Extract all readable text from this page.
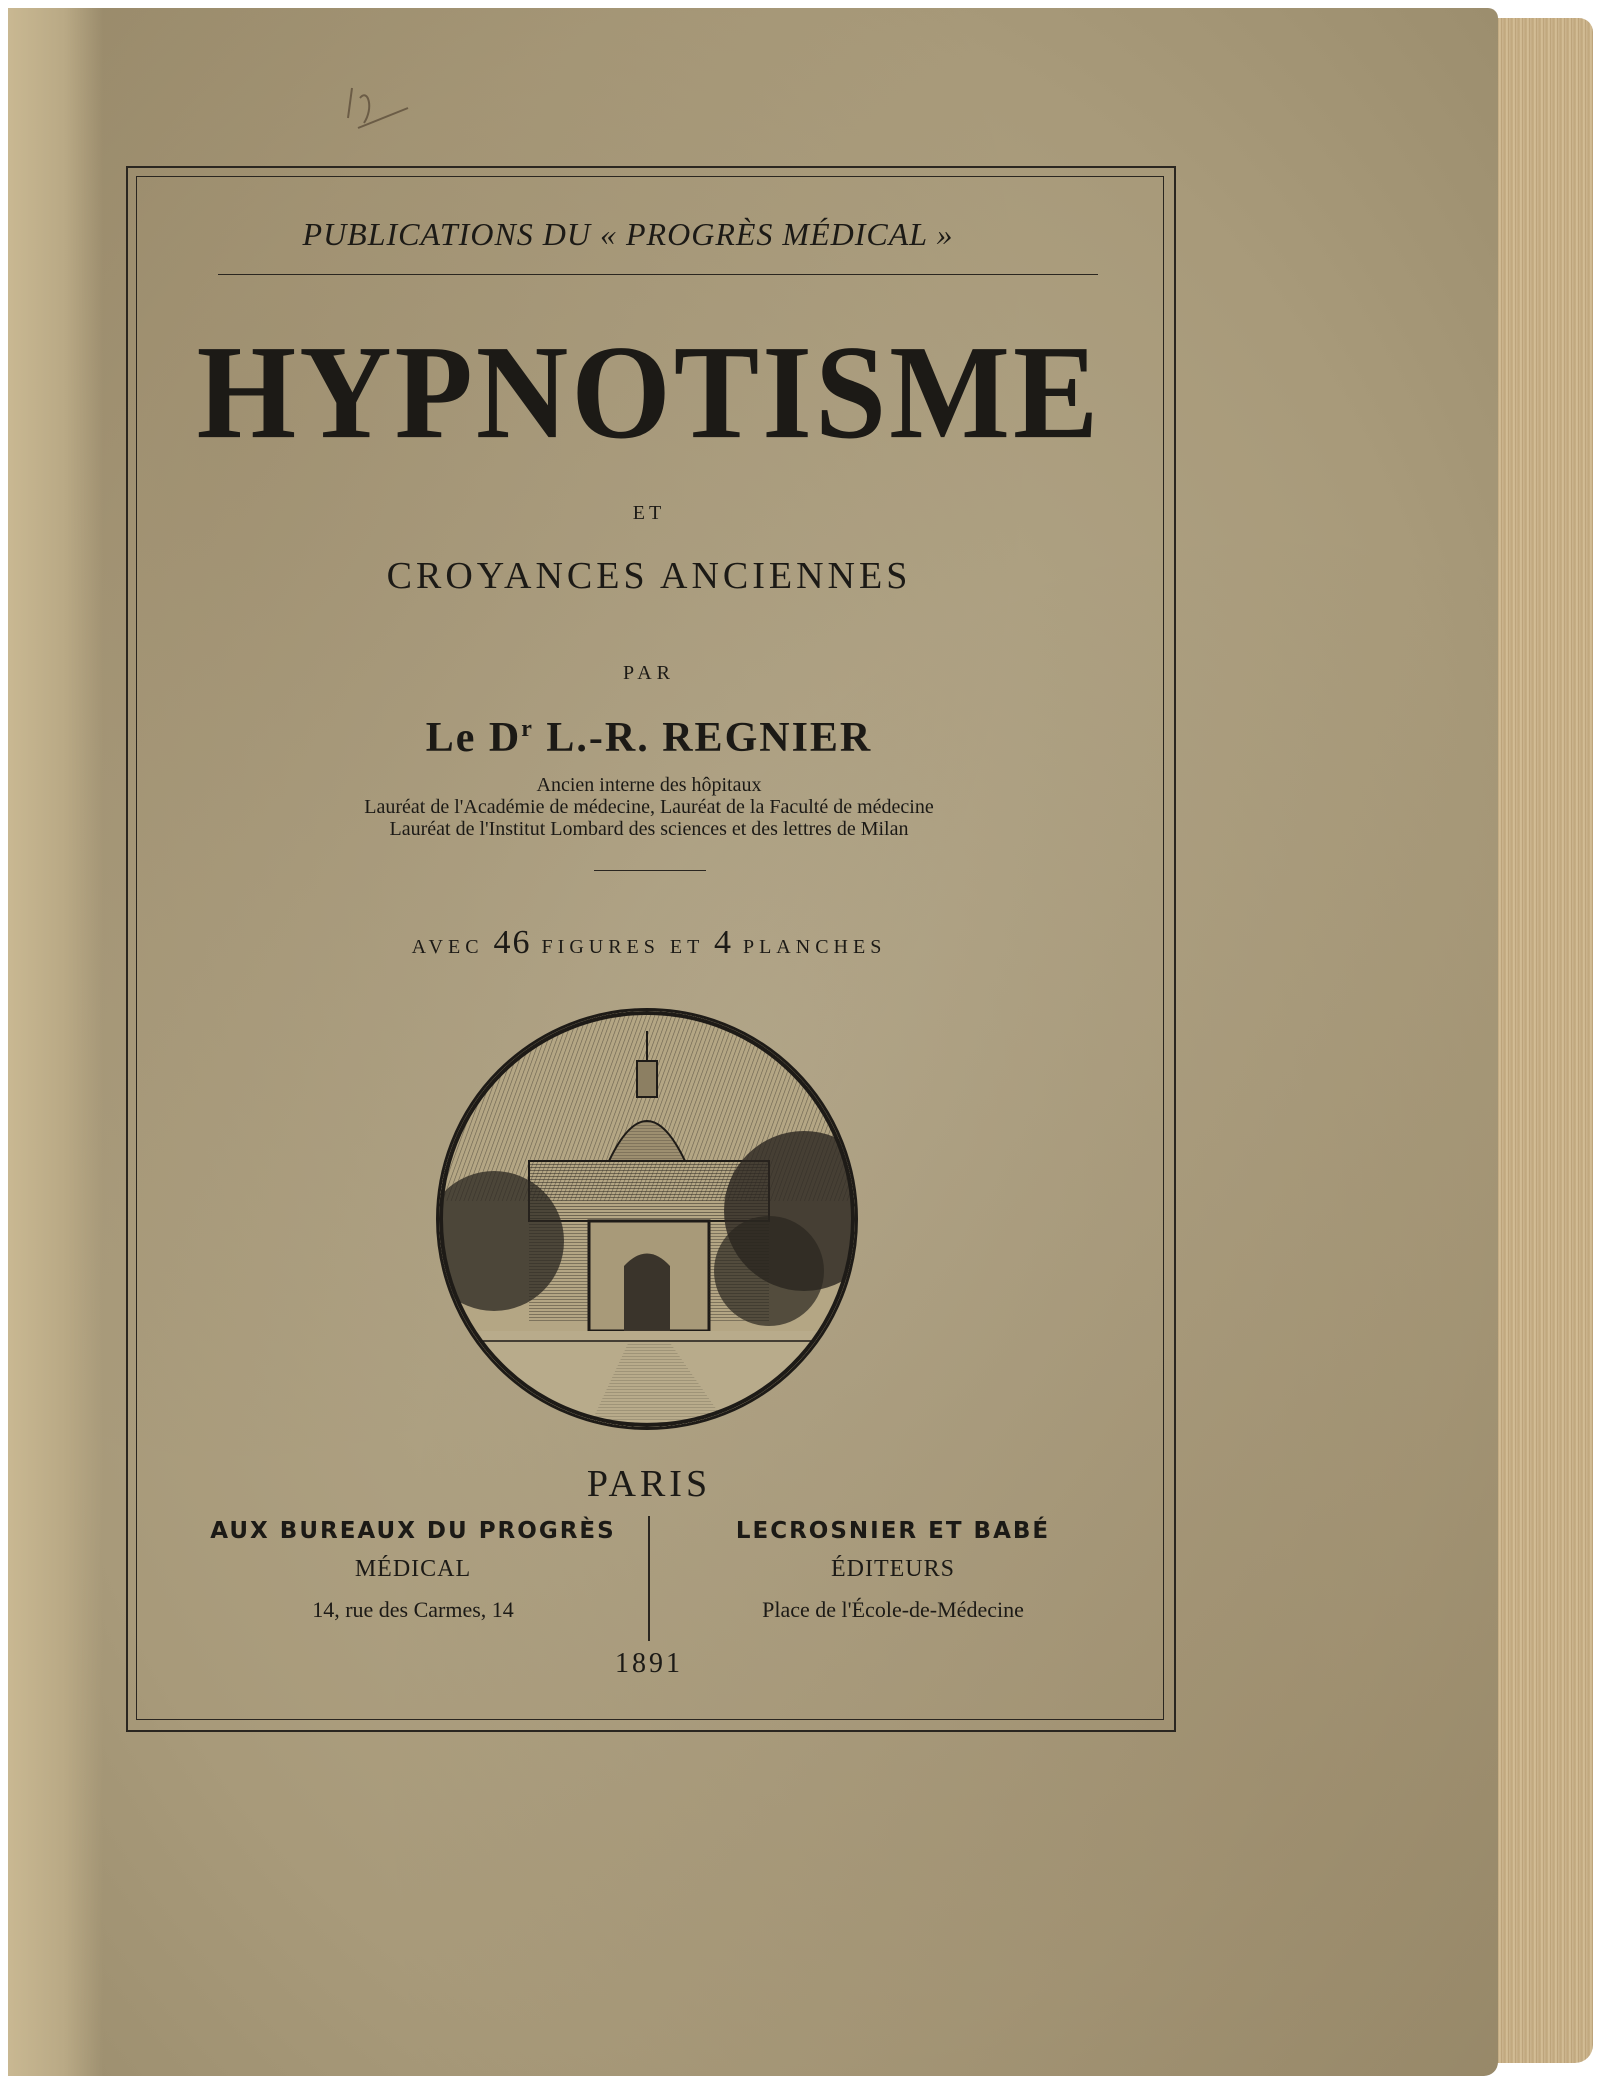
PUBLICATIONS DU « PROGRÈS MÉDICAL »
HYPNOTISME
ET
CROYANCES ANCIENNES
PAR
Le $D^r$ L.-R. REGNIER
Ancien interne des hôpitaux
Lauréat de l'Académie de médecine, Lauréat de la Faculté de médecine
Lauréat de l'Institut Lombard des sciences et des lettres de Milan
AVEC 46 FIGURES ET 4 PLANCHES
PARIS
AUX BUREAUX DU PROGRÈS
MÉDICAL
14, rue des Carmes, 14
LECROSNIER ET BABÉ
ÉDITEURS
Place de l'École-de-Médecine
1891
